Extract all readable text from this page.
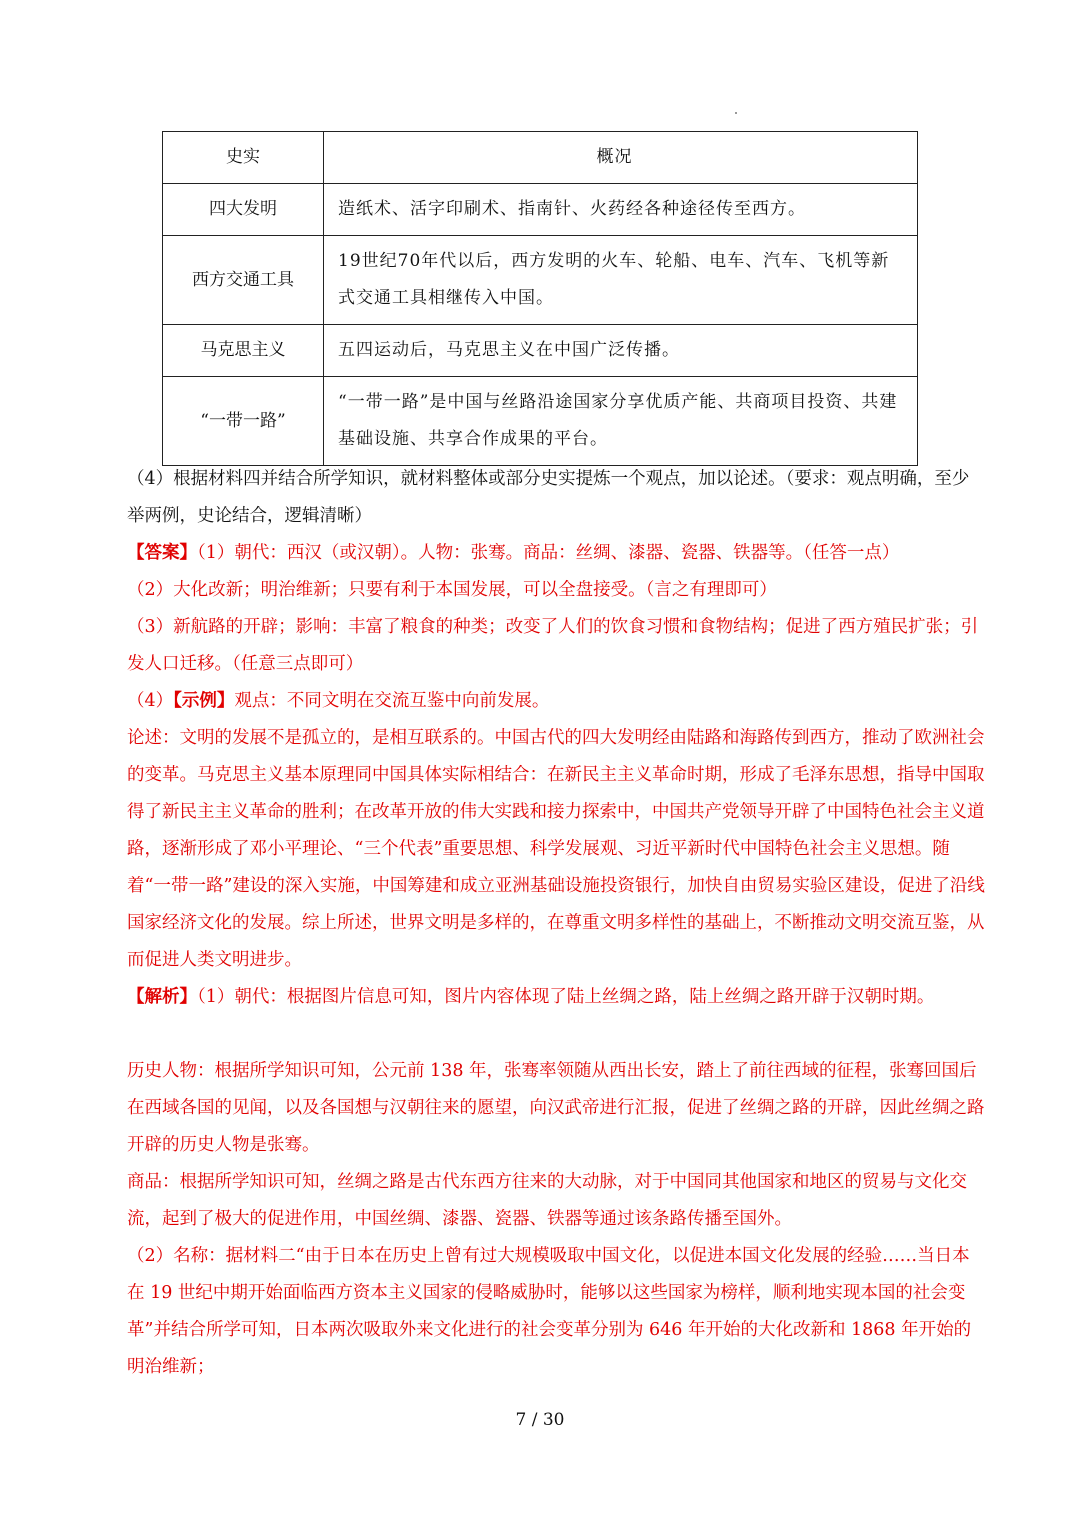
史实	概况
四大发明	造纸术、活字印刷术、指南针、火药经各种途径传至西方。
西方交通工具	19世纪70年代以后，西方发明的火车、轮船、电车、汽车、飞机等新式交通工具相继传入中国。
马克思主义	五四运动后，马克思主义在中国广泛传播。
“一带一路”	“一带一路”是中国与丝路沿途国家分享优质产能、共商项目投资、共建基础设施、共享合作成果的平台。

（4）根据材料四并结合所学知识，就材料整体或部分史实提炼一个观点，加以论述。（要求：观点明确，至少举两例，史论结合，逻辑清晰）

【答案】（1）朝代：西汉（或汉朝）。人物：张骞。商品：丝绸、漆器、瓷器、铁器等。（任答一点）

（2）大化改新；明治维新；只要有利于本国发展，可以全盘接受。（言之有理即可）

（3）新航路的开辟；影响：丰富了粮食的种类；改变了人们的饮食习惯和食物结构；促进了西方殖民扩张；引发人口迁移。（任意三点即可）

（4）【示例】观点：不同文明在交流互鉴中向前发展。

论述：文明的发展不是孤立的，是相互联系的。中国古代的四大发明经由陆路和海路传到西方，推动了欧洲社会的变革。马克思主义基本原理同中国具体实际相结合：在新民主主义革命时期，形成了毛泽东思想，指导中国取得了新民主主义革命的胜利；在改革开放的伟大实践和接力探索中，中国共产党领导开辟了中国特色社会主义道路，逐渐形成了邓小平理论、“三个代表”重要思想、科学发展观、习近平新时代中国特色社会主义思想。随着“一带一路”建设的深入实施，中国筹建和成立亚洲基础设施投资银行，加快自由贸易实验区建设，促进了沿线国家经济文化的发展。综上所述，世界文明是多样的，在尊重文明多样性的基础上，不断推动文明交流互鉴，从而促进人类文明进步。

【解析】（1）朝代：根据图片信息可知，图片内容体现了陆上丝绸之路，陆上丝绸之路开辟于汉朝时期。

历史人物：根据所学知识可知，公元前 138 年，张骞率领随从西出长安，踏上了前往西域的征程，张骞回国后在西域各国的见闻，以及各国想与汉朝往来的愿望，向汉武帝进行汇报，促进了丝绸之路的开辟，因此丝绸之路开辟的历史人物是张骞。

商品：根据所学知识可知，丝绸之路是古代东西方往来的大动脉，对于中国同其他国家和地区的贸易与文化交流，起到了极大的促进作用，中国丝绸、漆器、瓷器、铁器等通过该条路传播至国外。

（2）名称：据材料二“由于日本在历史上曾有过大规模吸取中国文化，以促进本国文化发展的经验……当日本在 19 世纪中期开始面临西方资本主义国家的侵略威胁时，能够以这些国家为榜样，顺利地实现本国的社会变革”并结合所学可知，日本两次吸取外来文化进行的社会变革分别为 646 年开始的大化改新和 1868 年开始的明治维新；

7 / 30
